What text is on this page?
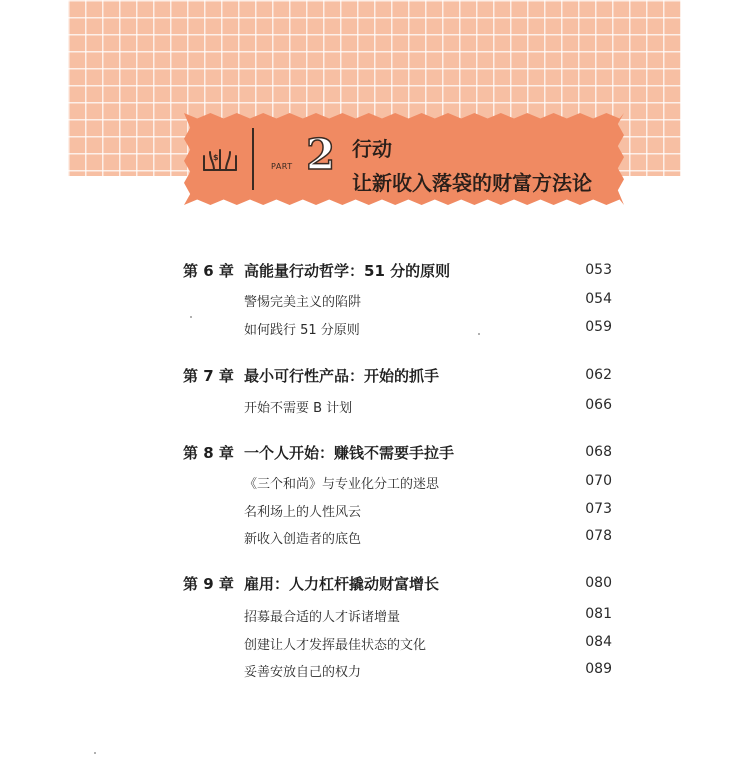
$
PART 2 行动
让新收入落袋的财富方法论
第 6 章 高能量行动哲学：51 分的原则	053
警惕完美主义的陷阱	054
如何践行 51 分原则	059
第 7 章 最小可行性产品：开始的抓手	062
开始不需要 B 计划	066
第 8 章 一个人开始：赚钱不需要手拉手	068
《三个和尚》与专业化分工的迷思	070
名利场上的人性风云	073
新收入创造者的底色	078
第 9 章 雇用：人力杠杆撬动财富增长	080
招募最合适的人才诉诸增量	081
创建让人才发挥最佳状态的文化	084
妥善安放自己的权力	089
